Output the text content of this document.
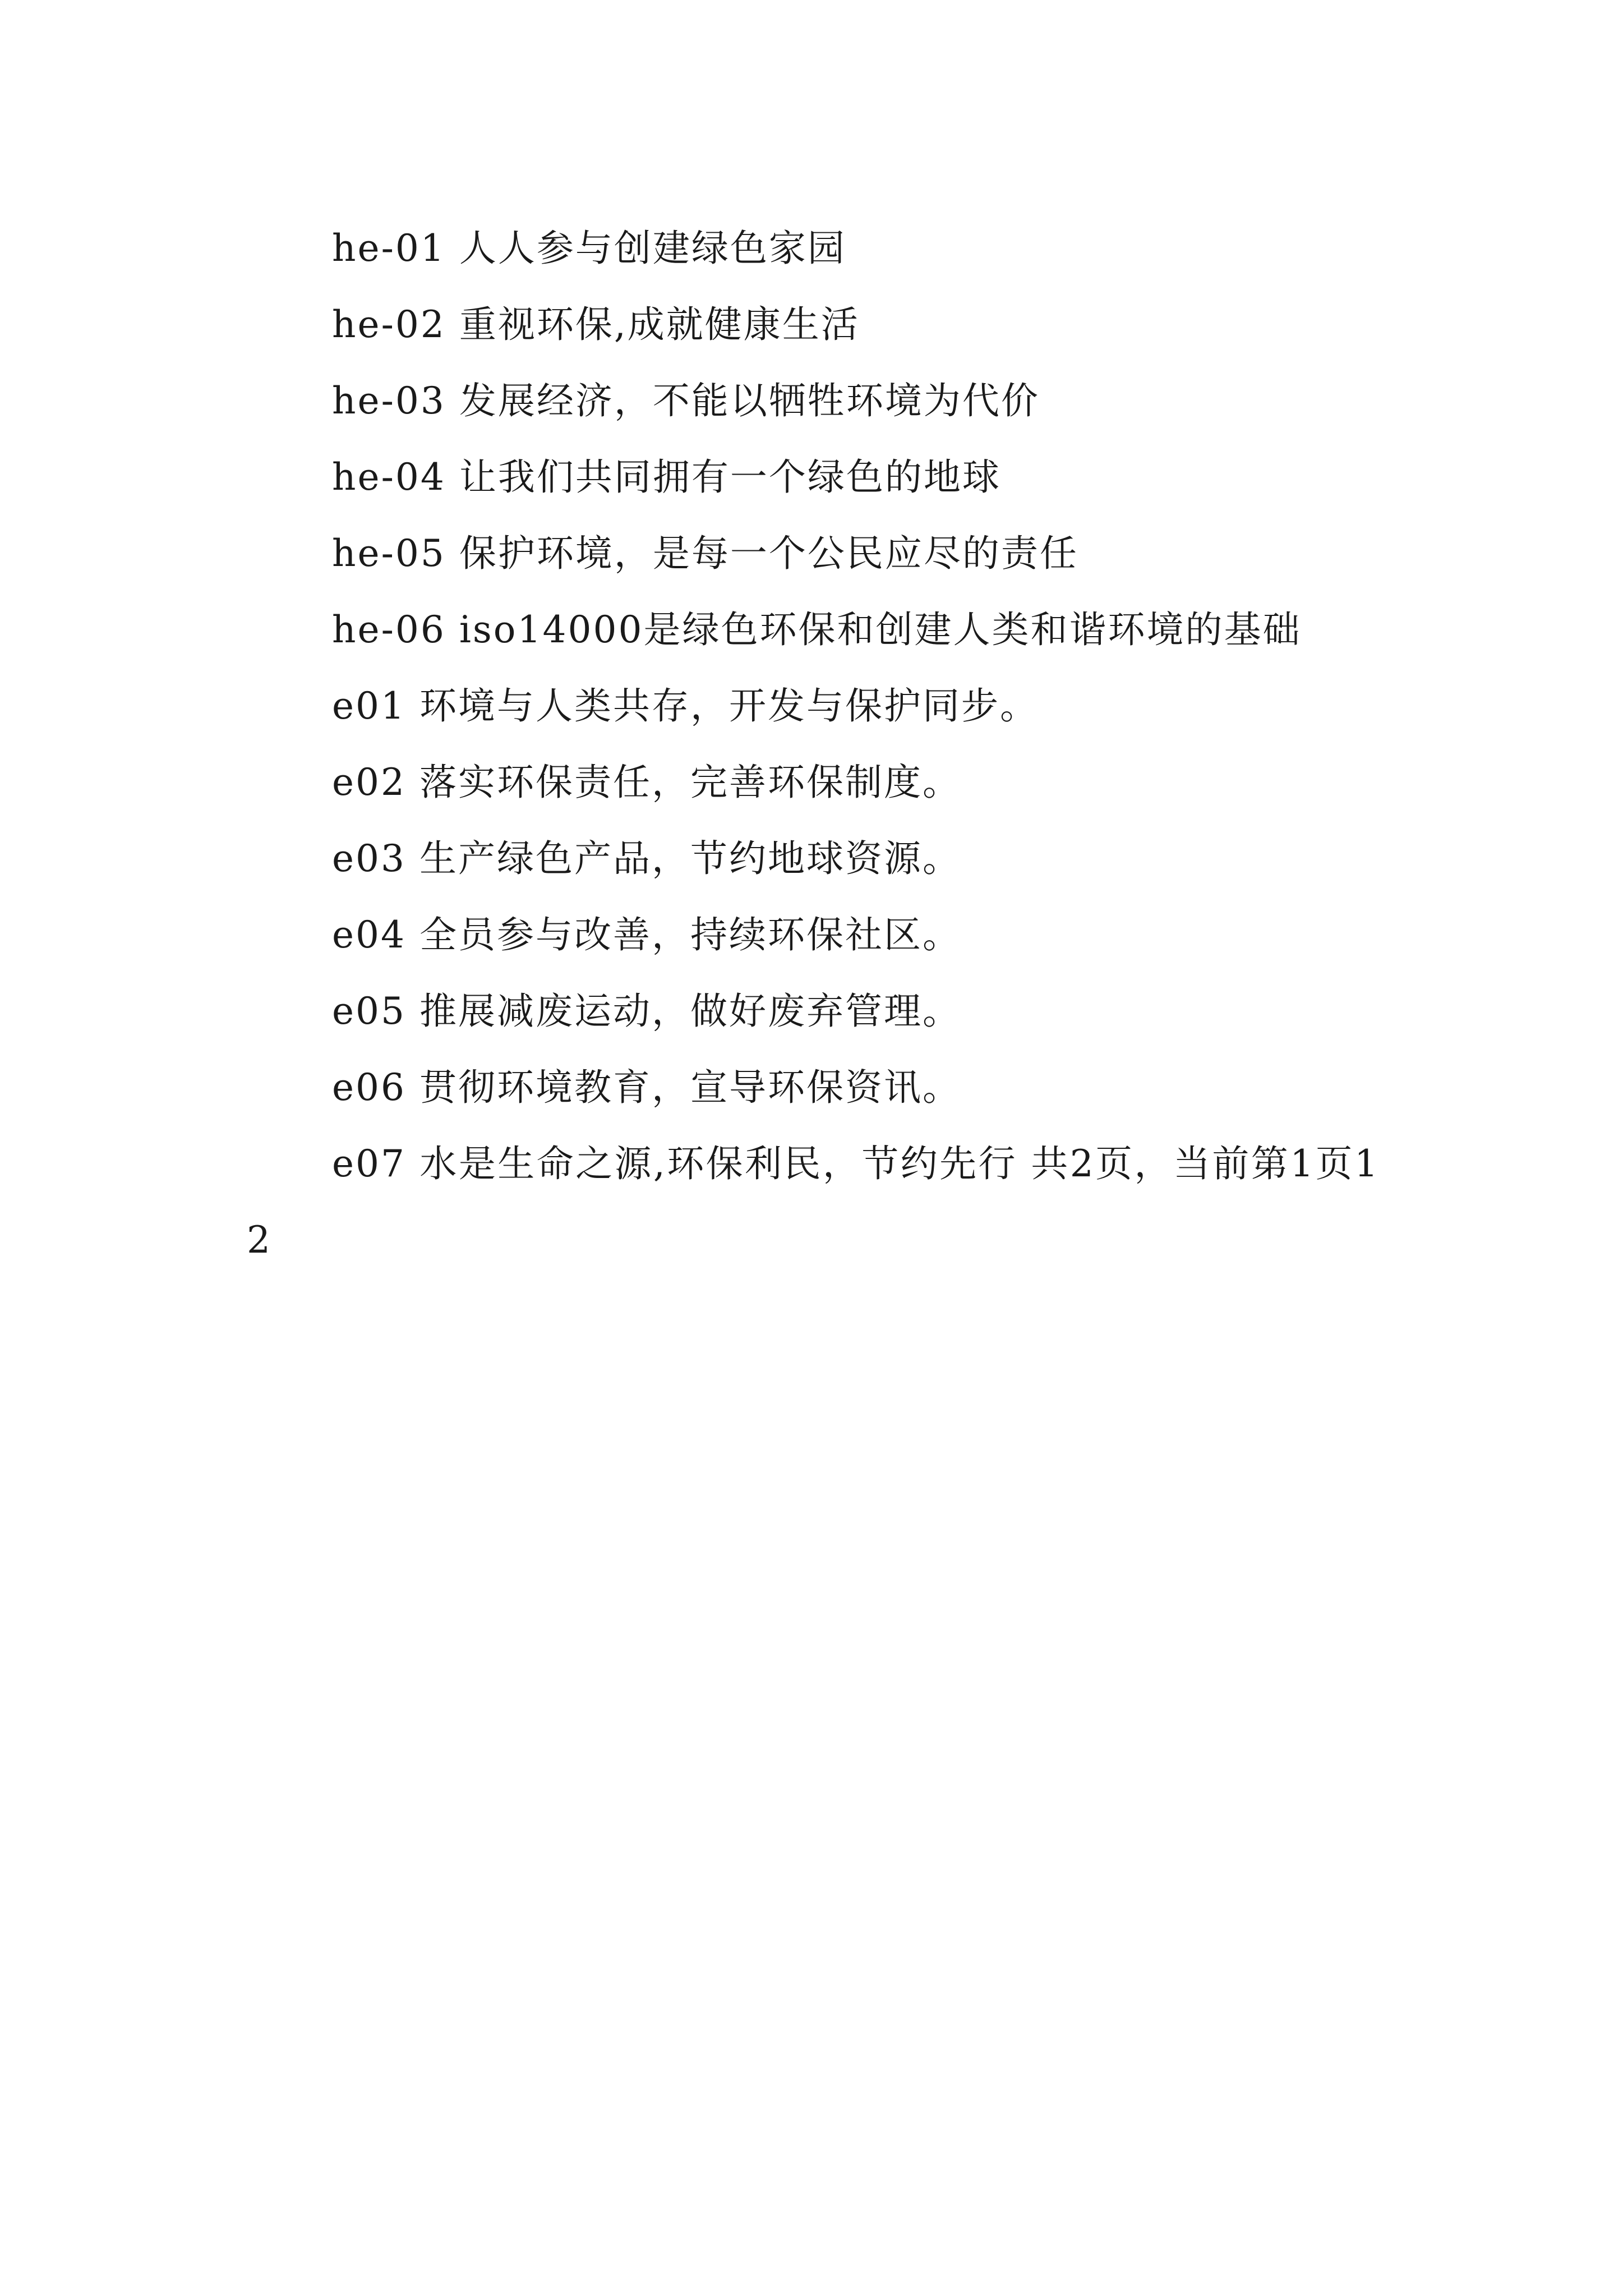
he-01 人人参与创建绿色家园

he-02 重视环保,成就健康生活

he-03 发展经济，不能以牺牲环境为代价

he-04 让我们共同拥有一个绿色的地球

he-05 保护环境，是每一个公民应尽的责任

he-06 iso14000是绿色环保和创建人类和谐环境的基础

e01 环境与人类共存，开发与保护同步。

e02 落实环保责任，完善环保制度。

e03 生产绿色产品，节约地球资源。

e04 全员参与改善，持续环保社区。

e05 推展减废运动，做好废弃管理。

e06 贯彻环境教育，宣导环保资讯。

e07 水是生命之源,环保利民，节约先行 共2页，当前第1页12
